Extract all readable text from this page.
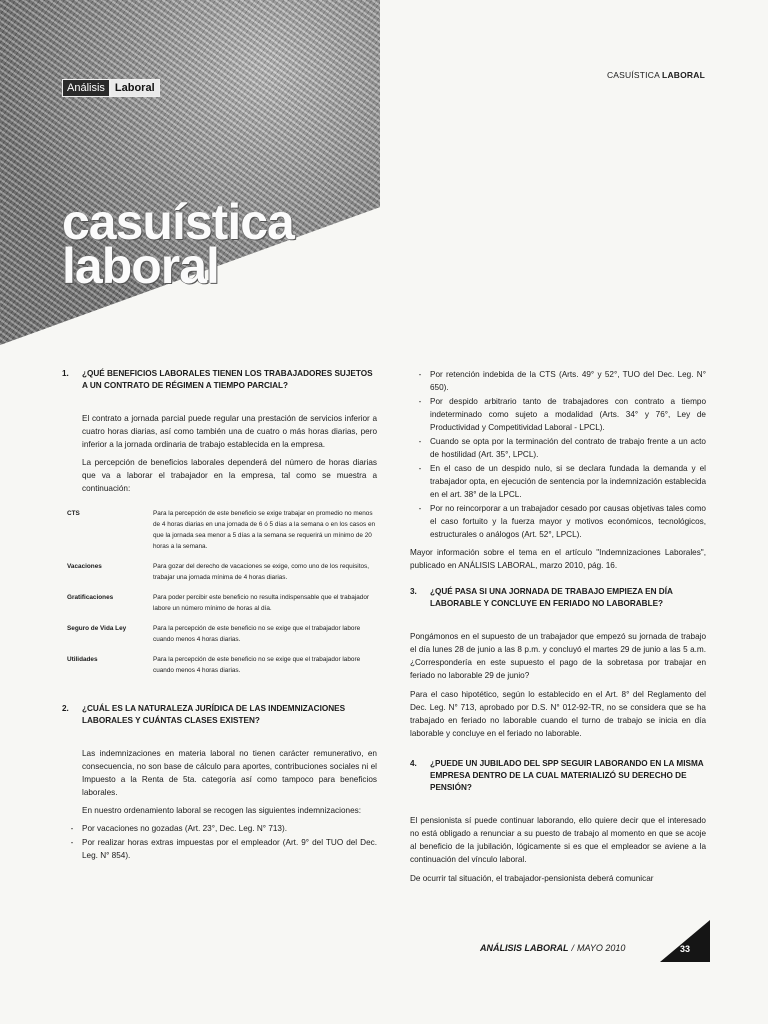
Análisis Laboral
casuística
laboral
CASUÍSTICA LABORAL
1.	¿QUÉ BENEFICIOS LABORALES TIENEN LOS TRABAJADORES SUJETOS A UN CONTRATO DE RÉGIMEN A TIEMPO PARCIAL?

El contrato a jornada parcial puede regular una prestación de servicios inferior a cuatro horas diarias, así como también una de cuatro o más horas diarias, pero inferior a la jornada ordinaria de trabajo establecida en la empresa.

La percepción de beneficios laborales dependerá del número de horas diarias que va a laborar el trabajador en la empresa, tal como se muestra a continuación:

CTS	Para la percepción de este beneficio se exige trabajar en promedio no menos de 4 horas diarias en una jornada de 6 ó 5 días a la semana o en los casos en que la jornada sea menor a 5 días a la semana se requerirá un mínimo de 20 horas a la semana.
Vacaciones	Para gozar del derecho de vacaciones se exige, como uno de los requisitos, trabajar una jornada mínima de 4 horas diarias.
Gratificaciones	Para poder percibir este beneficio no resulta indispensable que el trabajador labore un número mínimo de horas al día.
Seguro de Vida Ley	Para la percepción de este beneficio no se exige que el trabajador labore cuando menos 4 horas diarias.
Utilidades	Para la percepción de este beneficio no se exige que el trabajador labore cuando menos 4 horas diarias.
2.	¿CUÁL ES LA NATURALEZA JURÍDICA DE LAS INDEMNIZACIONES LABORALES Y CUÁNTAS CLASES EXISTEN?

Las indemnizaciones en materia laboral no tienen carácter remunerativo, en consecuencia, no son base de cálculo para aportes, contribuciones sociales ni el Impuesto a la Renta de 5ta. categoría así como tampoco para beneficios laborales.

En nuestro ordenamiento laboral se recogen las siguientes indemnizaciones:

-	Por vacaciones no gozadas (Art. 23°, Dec. Leg. N° 713).
-	Por realizar horas extras impuestas por el empleador (Art. 9° del TUO del Dec. Leg. N° 854).
-	Por retención indebida de la CTS (Arts. 49° y 52°, TUO del Dec. Leg. N° 650).
-	Por despido arbitrario tanto de trabajadores con contrato a tiempo indeterminado como sujeto a modalidad (Arts. 34° y 76°, Ley de Productividad y Competitividad Laboral - LPCL).
-	Cuando se opta por la terminación del contrato de trabajo frente a un acto de hostilidad (Art. 35°, LPCL).
-	En el caso de un despido nulo, si se declara fundada la demanda y el trabajador opta, en ejecución de sentencia por la indemnización establecida en el art. 38° de la LPCL.
-	Por no reincorporar a un trabajador cesado por causas objetivas tales como el caso fortuito y la fuerza mayor y motivos económicos, tecnológicos, estructurales o análogos (Art. 52°, LPCL).

Mayor información sobre el tema en el artículo "Indemnizaciones Laborales", publicado en ANÁLISIS LABORAL, marzo 2010, pág. 16.

3.	¿QUÉ PASA SI UNA JORNADA DE TRABAJO EMPIEZA EN DÍA LABORABLE Y CONCLUYE EN FERIADO NO LABORABLE?

Pongámonos en el supuesto de un trabajador que empezó su jornada de trabajo el día lunes 28 de junio a las 8 p.m. y concluyó el martes 29 de junio a las 5 a.m. ¿Correspondería en este supuesto el pago de la sobretasa por trabajar en feriado no laborable 29 de junio?

Para el caso hipotético, según lo establecido en el Art. 8° del Reglamento del Dec. Leg. N° 713, aprobado por D.S. N° 012-92-TR, no se considera que se ha trabajado en feriado no laborable cuando el turno de trabajo se inicia en día laborable y concluye en el feriado no laborable.

4.	¿PUEDE UN JUBILADO DEL SPP SEGUIR LABORANDO EN LA MISMA EMPRESA DENTRO DE LA CUAL MATERIALIZÓ SU DERECHO DE PENSIÓN?

El pensionista sí puede continuar laborando, ello quiere decir que el interesado no está obligado a renunciar a su puesto de trabajo al momento en que se acoje al beneficio de la jubilación, lógicamente si es que el empleador se aviene a la continuación del vínculo laboral.

De ocurrir tal situación, el trabajador-pensionista deberá comunicar

ANÁLISIS LABORAL / MAYO 2010	33
